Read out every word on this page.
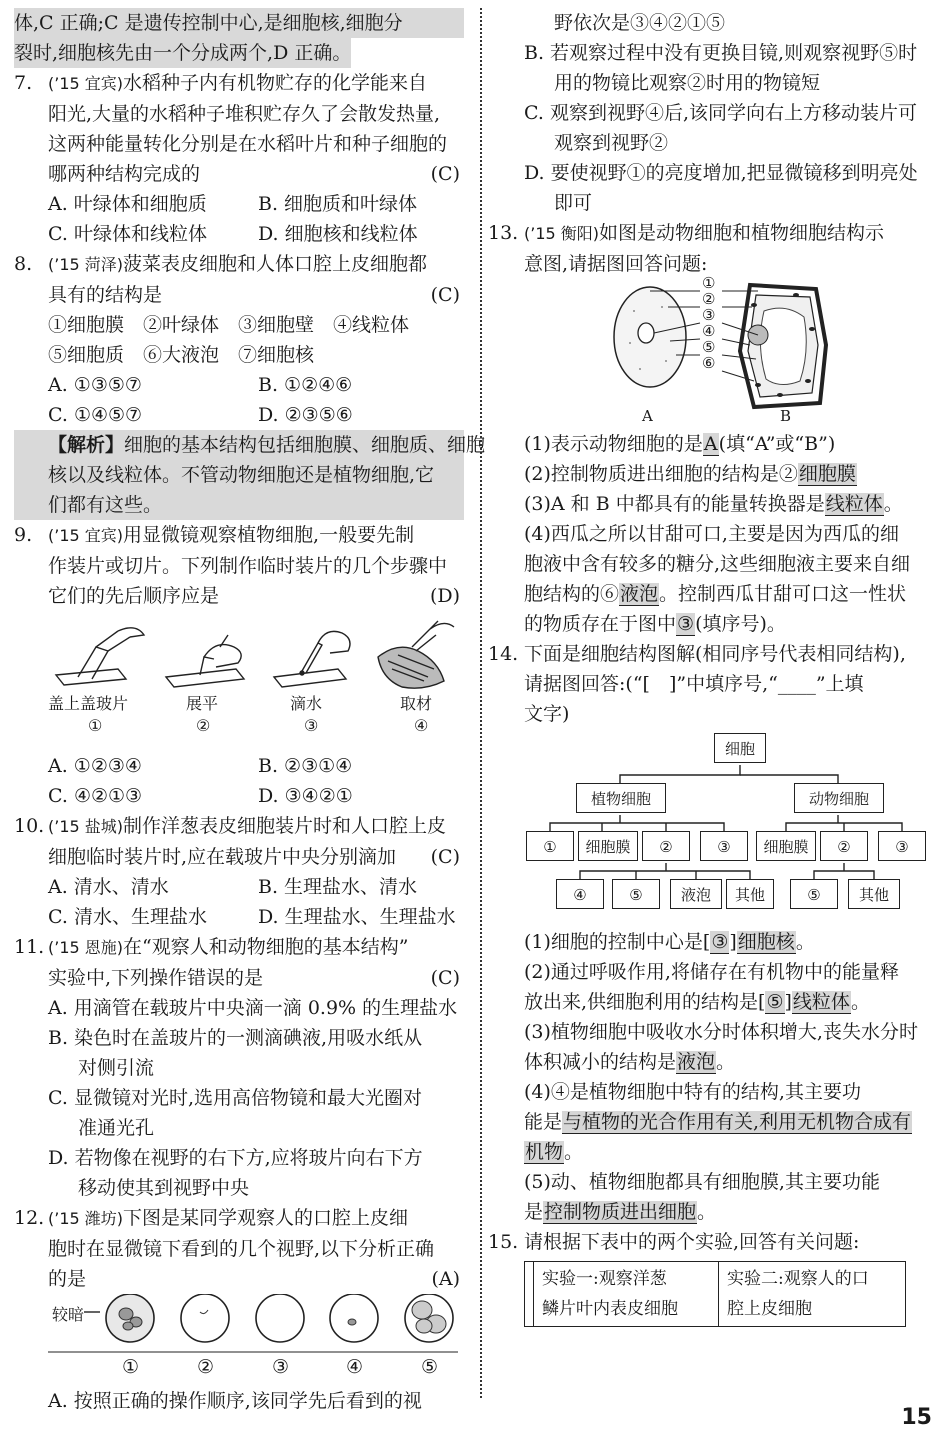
体,C 正确;C 是遗传控制中心,是细胞核,细胞分
裂时,细胞核先由一个分成两个,D 正确。
7. (’15 宜宾)水稻种子内有机物贮存的化学能来自
阳光,大量的水稻种子堆积贮存久了会散发热量,
这两种能量转化分别是在水稻叶片和种子细胞的
哪两种结构完成的	(C)
A. 叶绿体和细胞质	B. 细胞质和叶绿体
C. 叶绿体和线粒体	D. 细胞核和线粒体
8. (’15 菏泽)菠菜表皮细胞和人体口腔上皮细胞都
具有的结构是	(C)
①细胞膜　②叶绿体　③细胞壁　④线粒体
⑤细胞质　⑥大液泡　⑦细胞核
A. ①③⑤⑦	B. ①②④⑥
C. ①④⑤⑦	D. ②③⑤⑥
【解析】细胞的基本结构包括细胞膜、细胞质、细胞
核以及线粒体。不管动物细胞还是植物细胞,它
们都有这些。
9. (’15 宜宾)用显微镜观察植物细胞,一般要先制
作装片或切片。下列制作临时装片的几个步骤中
它们的先后顺序应是	(D)
盖上盖玻片	展平	滴水	取材
①	②	③	④
A. ①②③④	B. ②③①④
C. ④②①③	D. ③④②①
10. (’15 盐城)制作洋葱表皮细胞装片时和人口腔上皮
细胞临时装片时,应在载玻片中央分别滴加 (C)
A. 清水、清水	B. 生理盐水、清水
C. 清水、生理盐水	D. 生理盐水、生理盐水
11. (’15 恩施)在“观察人和动物细胞的基本结构”
实验中,下列操作错误的是	(C)
A. 用滴管在载玻片中央滴一滴 0.9% 的生理盐水
B. 染色时在盖玻片的一测滴碘液,用吸水纸从
对侧引流
C. 显微镜对光时,选用高倍物镜和最大光圈对
准通光孔
D. 若物像在视野的右下方,应将玻片向右下方
移动使其到视野中央
12. (’15 潍坊)下图是某同学观察人的口腔上皮细
胞时在显微镜下看到的几个视野,以下分析正确
的是	(A)
较暗
①	②	③	④	⑤
A. 按照正确的操作顺序,该同学先后看到的视
野依次是③④②①⑤
B. 若观察过程中没有更换目镜,则观察视野⑤时
用的物镜比观察②时用的物镜短
C. 观察到视野④后,该同学向右上方移动装片可
观察到视野②
D. 要使视野①的亮度增加,把显微镜移到明亮处
即可
13. (’15 衡阳)如图是动物细胞和植物细胞结构示
意图,请据图回答问题:
①
②
③
④
⑤
⑥
A	B
(1)表示动物细胞的是A(填“A”或“B”)
(2)控制物质进出细胞的结构是②细胞膜
(3)A 和 B 中都具有的能量转换器是线粒体。
(4)西瓜之所以甘甜可口,主要是因为西瓜的细
胞液中含有较多的糖分,这些细胞液主要来自细
胞结构的⑥液泡。控制西瓜甘甜可口这一性状
的物质存在于图中③(填序号)。
14. 下面是细胞结构图解(相同序号代表相同结构),
请据图回答:(“[　]”中填序号,“____”上填
文字)
细胞
植物细胞	动物细胞
①	细胞膜	②	③	细胞膜	②	③
④	⑤	液泡	其他	⑤	其他
(1)细胞的控制中心是[③]细胞核。
(2)通过呼吸作用,将储存在有机物中的能量释
放出来,供细胞利用的结构是[⑤]线粒体。
(3)植物细胞中吸收水分时体积增大,丧失水分时
体积减小的结构是液泡。
(4)④是植物细胞中特有的结构,其主要功
能是与植物的光合作用有关,利用无机物合成有
机物。
(5)动、植物细胞都具有细胞膜,其主要功能
是控制物质进出细胞。
15. 请根据下表中的两个实验,回答有关问题:

实验一:观察洋葱
鳞片叶内表皮细胞

实验二:观察人的口
腔上皮细胞
15
